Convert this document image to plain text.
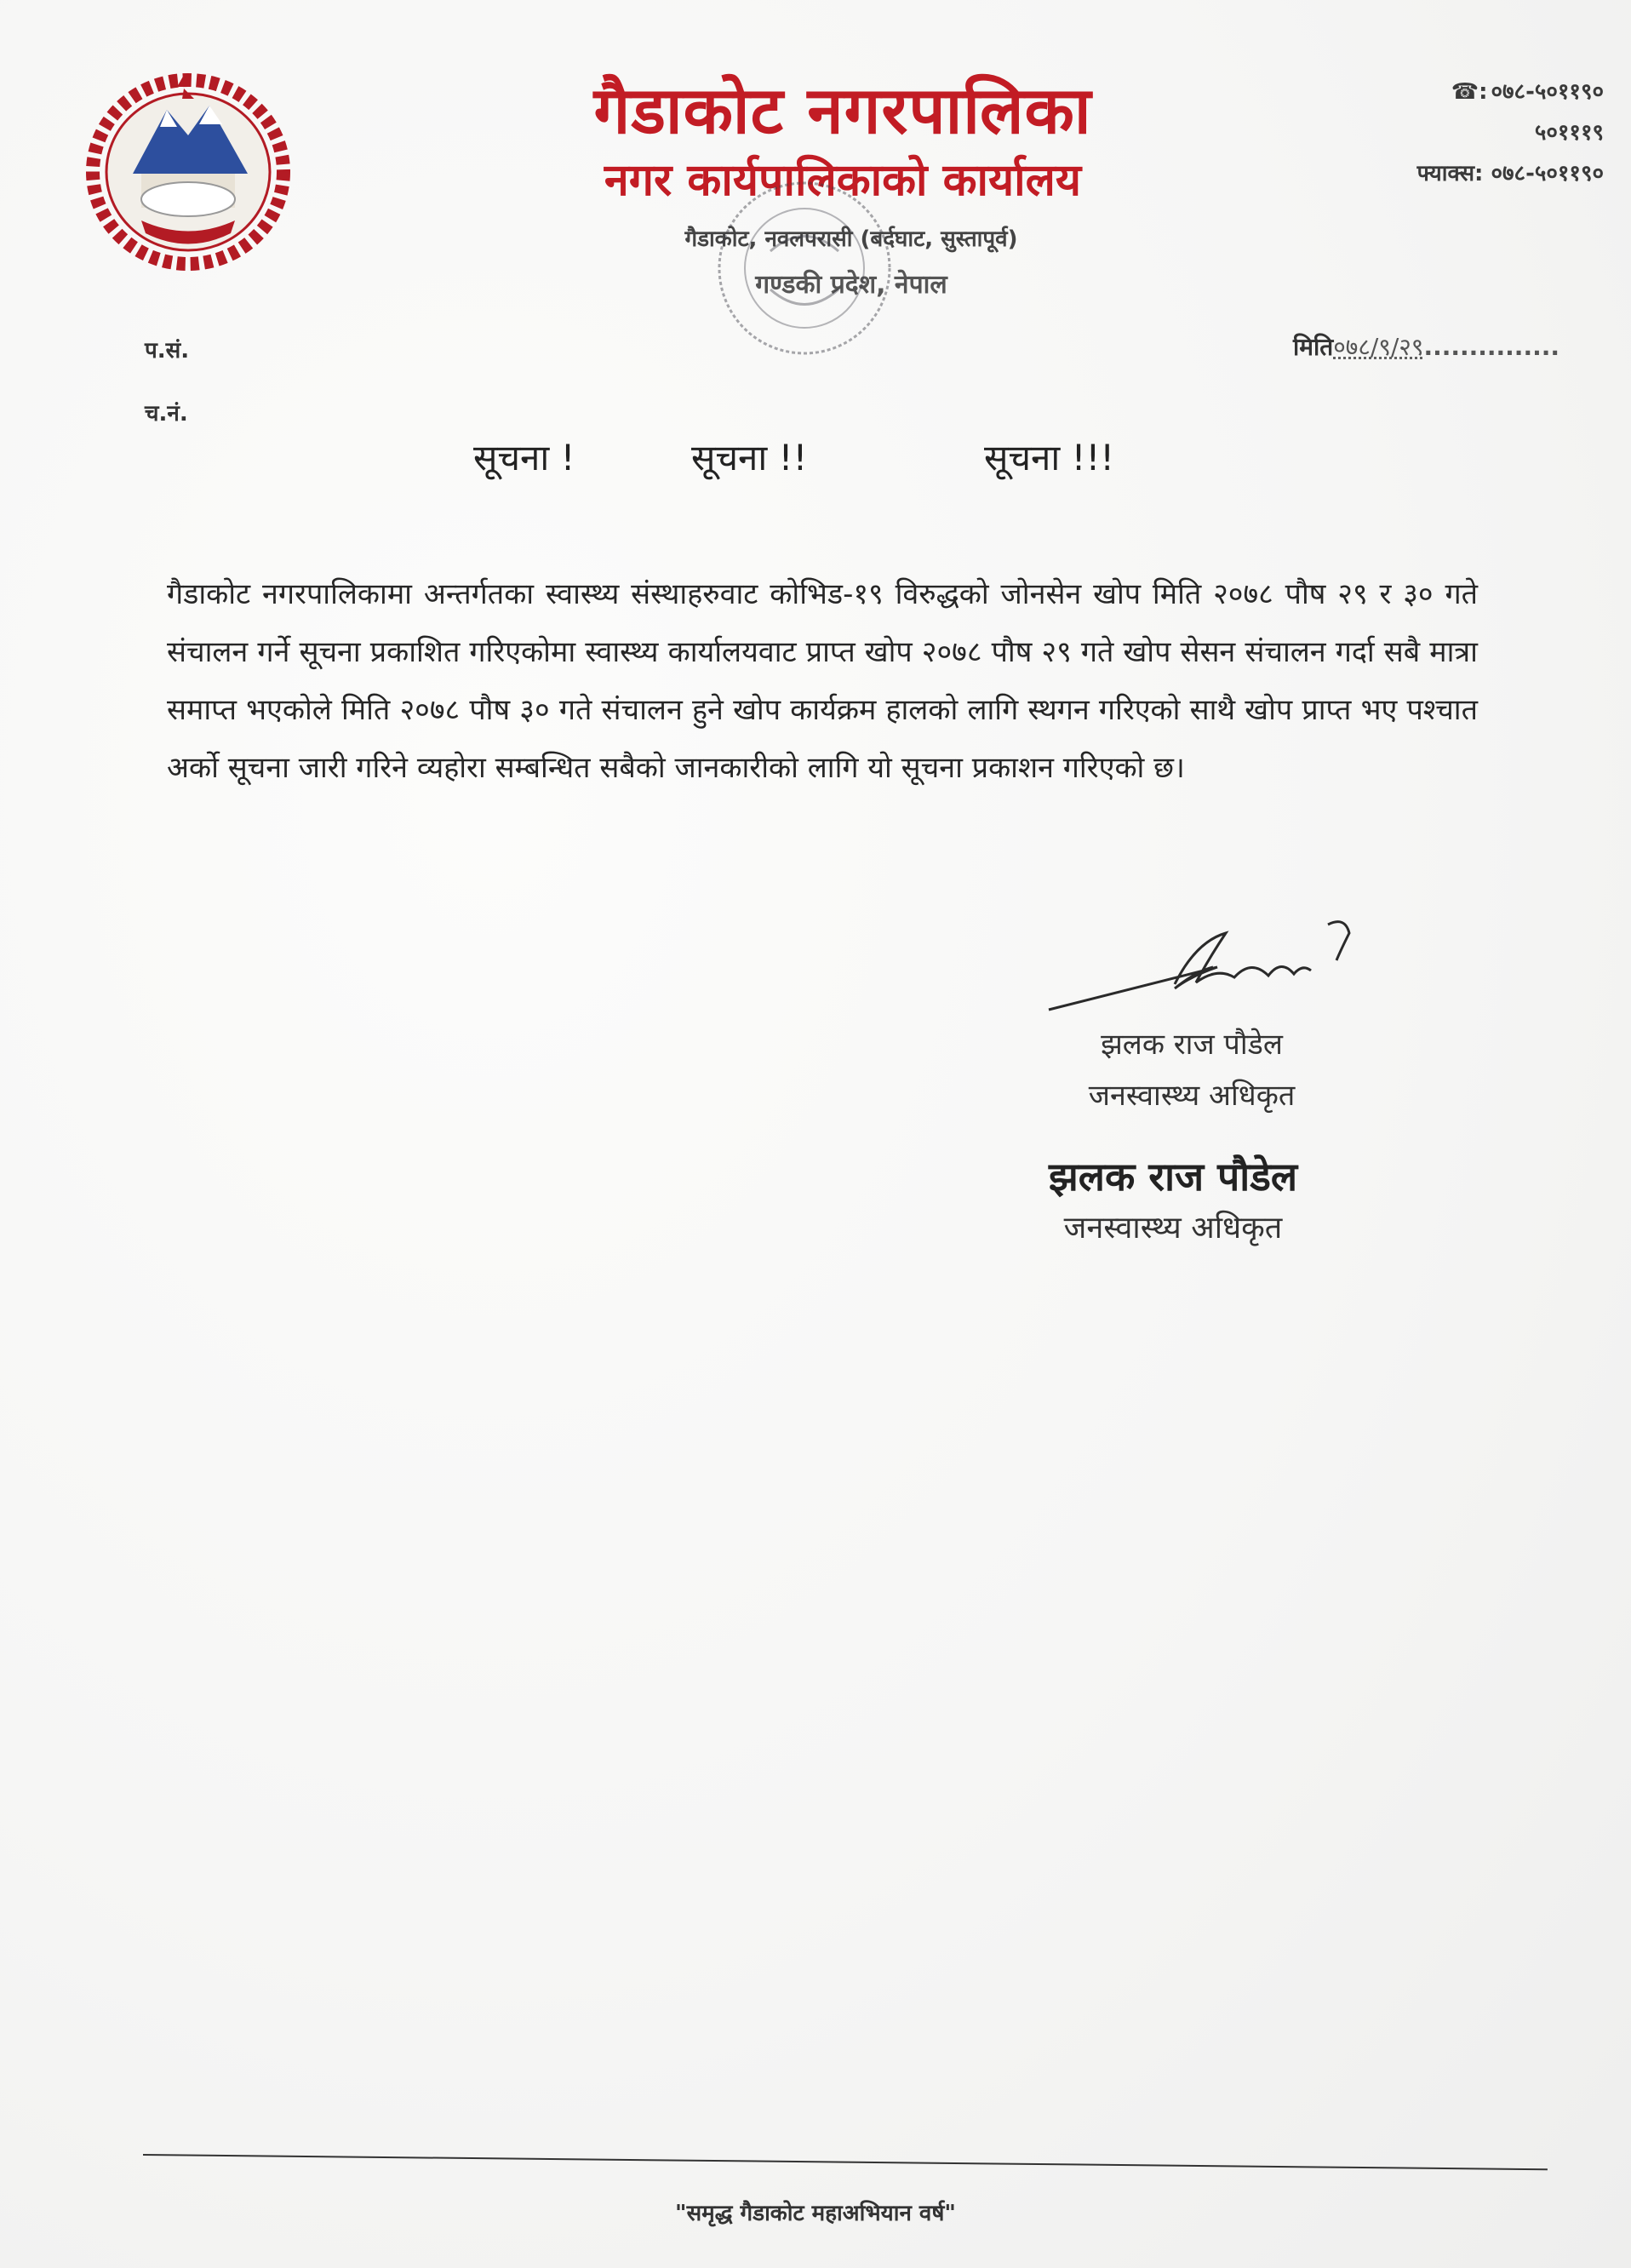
गैडाकोट नगरपालिका
नगर कार्यपालिकाको कार्यालय
गैडाकोट, नवलपरासी (बर्दघाट, सुस्तापूर्व)
गण्डकी प्रदेश, नेपाल
☎: ०७८-५०११९०
५०१११९
फ्याक्स: ०७८-५०११९०
प.सं.
च.नं.
मिति०७८/९/२९...............
सूचना !	सूचना !!	सूचना !!!
गैडाकोट नगरपालिकामा अन्तर्गतका स्वास्थ्य संस्थाहरुवाट कोभिड-१९ विरुद्धको जोनसेन खोप मिति २०७८ पौष २९ र ३० गते संचालन गर्ने सूचना प्रकाशित गरिएकोमा स्वास्थ्य कार्यालयवाट प्राप्त खोप २०७८ पौष २९ गते खोप सेसन संचालन गर्दा सबै मात्रा समाप्त भएकोले मिति २०७८ पौष ३० गते संचालन हुने खोप कार्यक्रम हालको लागि स्थगन गरिएको साथै खोप प्राप्त भए पश्चात अर्को सूचना जारी गरिने व्यहोरा सम्बन्धित सबैको जानकारीको लागि यो सूचना प्रकाशन गरिएको छ।
झलक राज पौडेल
जनस्वास्थ्य अधिकृत
झलक राज पौडेल
जनस्वास्थ्य अधिकृत
"समृद्ध गैडाकोट महाअभियान वर्ष"
